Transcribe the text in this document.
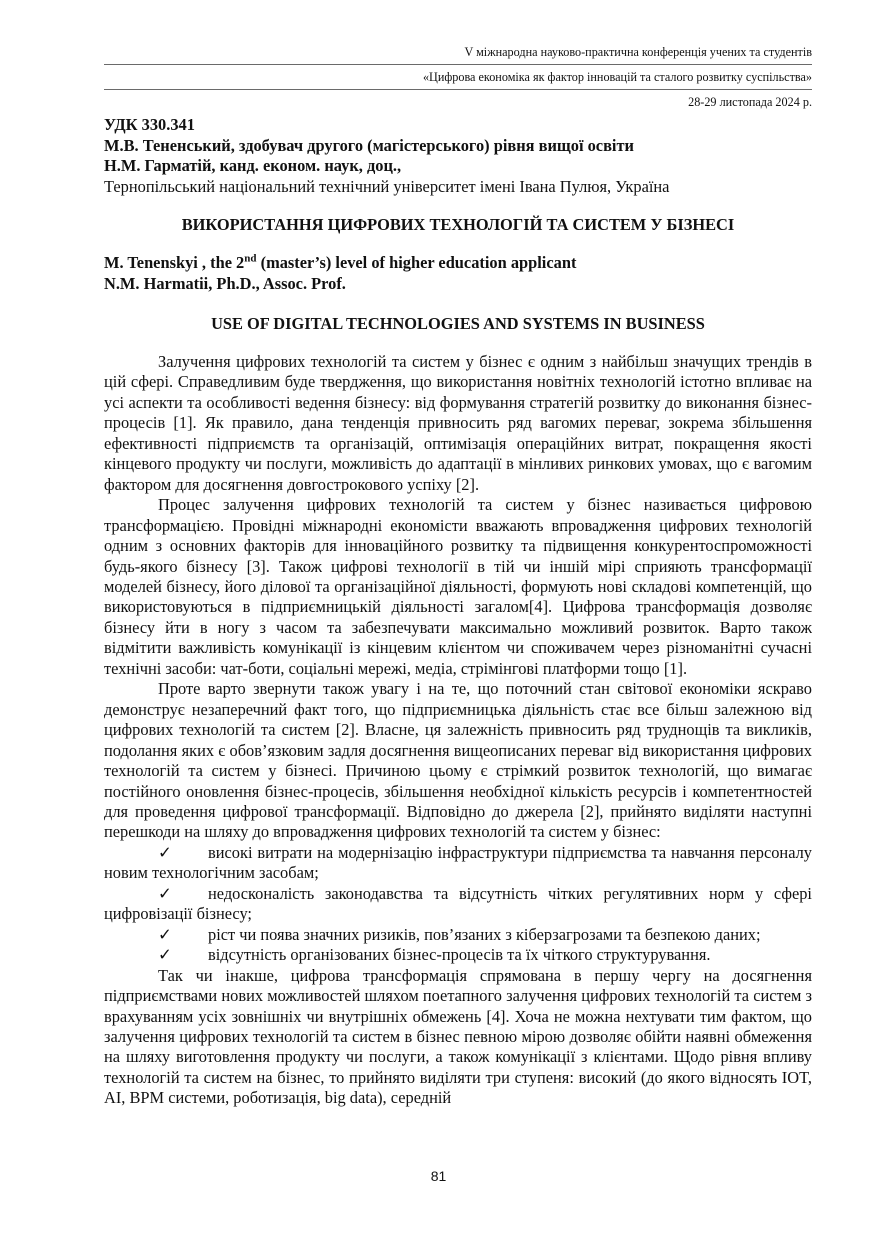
V міжнародна науково-практична конференція учених та студентів
«Цифрова економіка як фактор інновацій та сталого розвитку суспільства»
28-29 листопада 2024 р.
УДК 330.341
М.В. Тененський, здобувач другого (магістерського) рівня вищої освіти
Н.М. Гарматій, канд. економ. наук, доц.,
Тернопільський національний технічний університет імені Івана Пулюя, Україна
ВИКОРИСТАННЯ ЦИФРОВИХ ТЕХНОЛОГІЙ ТА СИСТЕМ У БІЗНЕСІ
M. Tenenskyi , the 2nd (master’s) level of higher education applicant
N.M. Harmatii, Ph.D., Assoc. Prof.
USE OF DIGITAL TECHNOLOGIES AND SYSTEMS IN BUSINESS

Залучення цифрових технологій та систем у бізнес є одним з найбільш значущих трендів в цій сфері. Справедливим буде твердження, що використання новітніх технологій істотно впливає на усі аспекти та особливості ведення бізнесу: від формування стратегій розвитку до виконання бізнес-процесів [1]. Як правило, дана тенденція привносить ряд вагомих переваг, зокрема збільшення ефективності підприємств та організацій, оптимізація операційних витрат, покращення якості кінцевого продукту чи послуги, можливість до адаптації в мінливих ринкових умовах, що є вагомим фактором для досягнення довгострокового успіху [2].

Процес залучення цифрових технологій та систем у бізнес називається цифровою трансформацією. Провідні міжнародні економісти вважають впровадження цифрових технологій одним з основних факторів для інноваційного розвитку та підвищення конкурентоспроможності будь-якого бізнесу [3]. Також цифрові технології в тій чи іншій мірі сприяють трансформації моделей бізнесу, його ділової та організаційної діяльності, формують нові складові компетенцій, що використовуються в підприємницькій діяльності загалом[4]. Цифрова трансформація дозволяє бізнесу йти в ногу з часом та забезпечувати максимально можливий розвиток. Варто також відмітити важливість комунікації із кінцевим клієнтом чи споживачем через різноманітні сучасні технічні засоби: чат-боти, соціальні мережі, медіа, стрімінгові платформи тощо [1].

Проте варто звернути також увагу і на те, що поточний стан світової економіки яскраво демонструє незаперечний факт того, що підприємницька діяльність стає все більш залежною від цифрових технологій та систем [2]. Власне, ця залежність привносить ряд труднощів та викликів, подолання яких є обов’язковим задля досягнення вищеописаних переваг від використання цифрових технологій та систем у бізнесі. Причиною цьому є стрімкий розвиток технологій, що вимагає постійного оновлення бізнес-процесів, збільшення необхідної кількість ресурсів і компетентностей для проведення цифрової трансформації. Відповідно до джерела [2], прийнято виділяти наступні перешкоди на шляху до впровадження цифрових технологій та систем у бізнес:

✓ високі витрати на модернізацію інфраструктури підприємства та навчання персоналу новим технологічним засобам;

✓ недосконалість законодавства та відсутність чітких регулятивних норм у сфері цифровізації бізнесу;

✓ ріст чи поява значних ризиків, пов’язаних з кіберзагрозами та безпекою даних;

✓ відсутність організованих бізнес-процесів та їх чіткого структурування.

Так чи інакше, цифрова трансформація спрямована в першу чергу на досягнення підприємствами нових можливостей шляхом поетапного залучення цифрових технологій та систем з врахуванням усіх зовнішніх чи внутрішніх обмежень [4]. Хоча не можна нехтувати тим фактом, що залучення цифрових технологій та систем в бізнес певною мірою дозволяє обійти наявні обмеження на шляху виготовлення продукту чи послуги, а також комунікації з клієнтами. Щодо рівня впливу технологій та систем на бізнес, то прийнято виділяти три ступеня: високий (до якого відносять IOT, AI, BPM системи, роботизація, big data), середній

81
